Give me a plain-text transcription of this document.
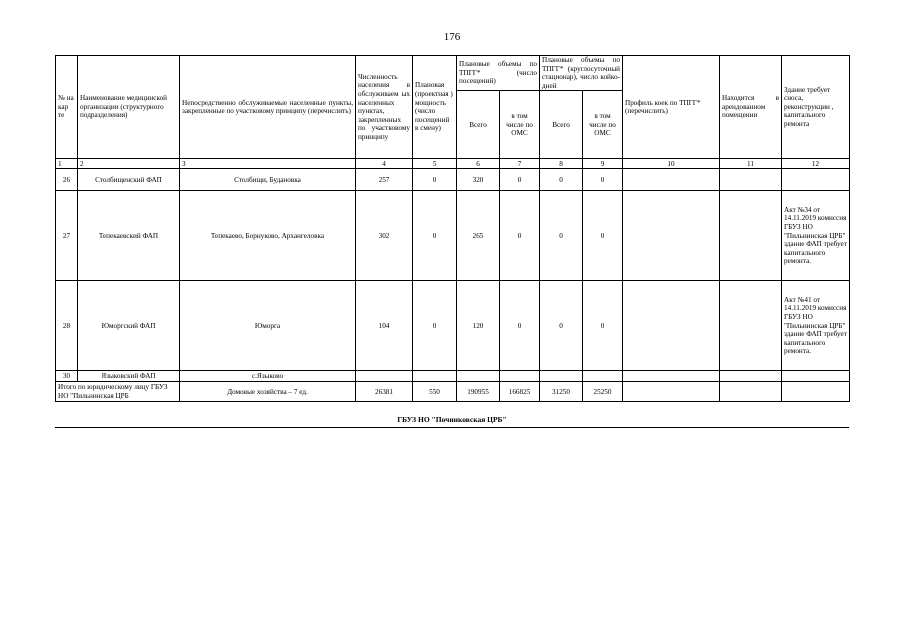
176
№ на кар те	Наименование медицинской организации (структурного подразделения)	Непосредственно обслуживаемые населенные пункты, закрепленные по участковому принципу (перечислить)	Численность населения в обслуживаем ых населенных пунктах, закрепленных по участковому принципу	Плановая (проектная ) мощность (число посещений в смену)	Плановые объемы по ТПГГ* (число посещений)		Плановые объемы по ТПГГ* (круглосуточный стационар), число койко-дней		Профиль коек по ТПГГ* (перечислить)	Находится в арендованном помещении	Здание требует сноса, реконструкции , капитального ремонта
					Всего	в том числе по ОМС	Всего	в том числе по ОМС			
1	2	3	4	5	6	7	8	9	10	11	12
26	Столбищенский ФАП	Столбищи, Будановка	257	0	320	0	0	0			
27	Тепекаевский ФАП	Тепекаево, Борнуково, Архангеловка	302	0	265	0	0	0			Акт №34 от 14.11.2019 комиссия ГБУЗ НО "Пильнинская ЦРБ" здание ФАП требует капитального ремонта.
28	Юморгский ФАП	Юморга	104	0	120	0	0	0			Акт №41 от 14.11.2019 комиссия ГБУЗ НО "Пильнинская ЦРБ" здание ФАП требует капитального ремонта.
30	Языковский ФАП	с.Языково									
Итого по юридическому лицу ГБУЗ НО "Пильнинская ЦРБ		Домовые хозяйства – 7 ед.	26381	550	190955	166825	31250	25250			
ГБУЗ НО "Починковская ЦРБ"
